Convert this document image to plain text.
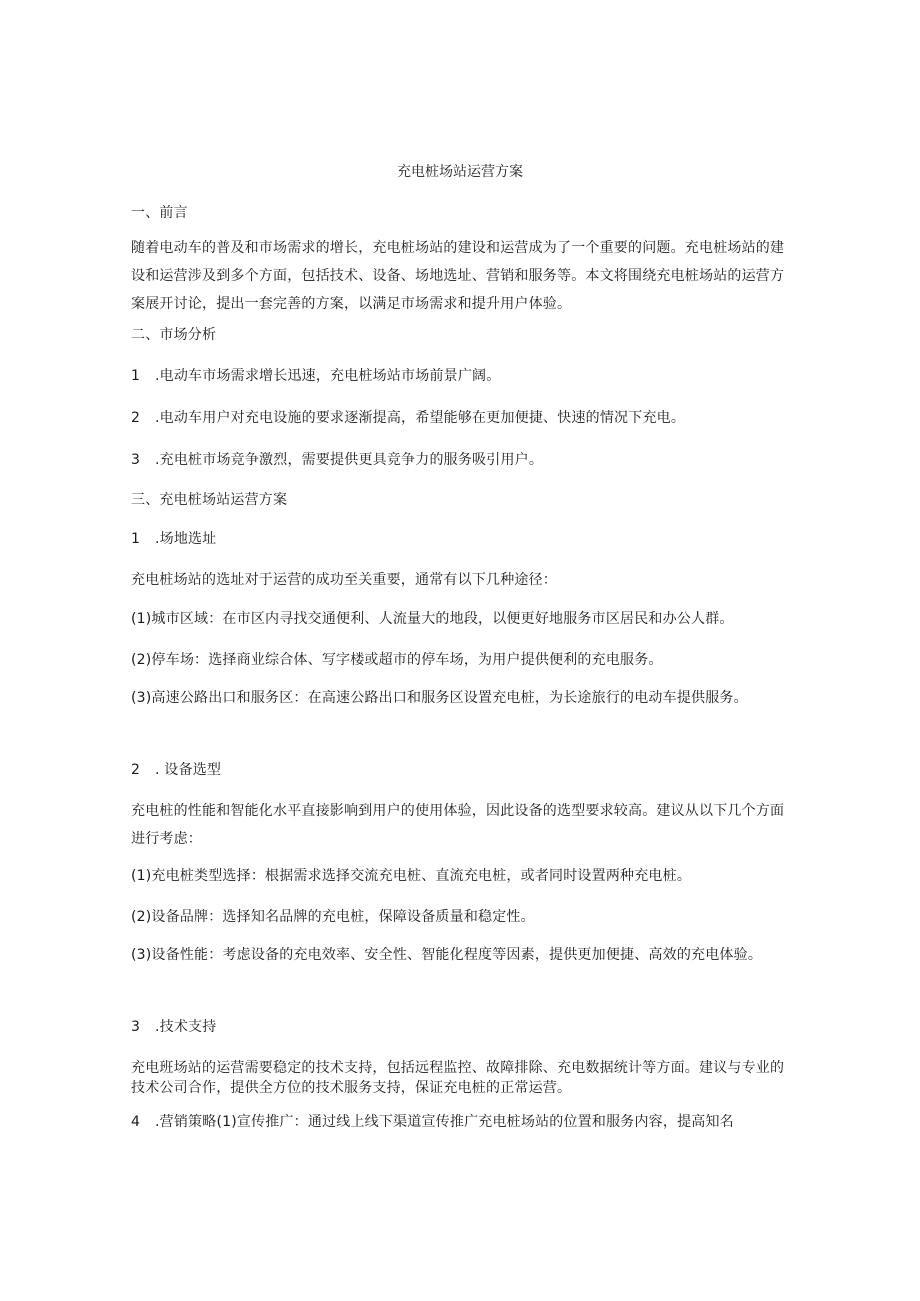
充电桩场站运营方案
一、前言
随着电动车的普及和市场需求的增长，充电桩场站的建设和运营成为了一个重要的问题。充电桩场站的建设和运营涉及到多个方面，包括技术、设备、场地选址、营销和服务等。本文将围绕充电桩场站的运营方案展开讨论，提出一套完善的方案，以满足市场需求和提升用户体验。
二、市场分析
1 .电动车市场需求增长迅速，充电桩场站市场前景广阔。
2 .电动车用户对充电设施的要求逐渐提高，希望能够在更加便捷、快速的情况下充电。
3 .充电桩市场竞争激烈，需要提供更具竞争力的服务吸引用户。
三、充电桩场站运营方案
1 .场地选址
充电桩场站的选址对于运营的成功至关重要，通常有以下几种途径：
(1)城市区域：在市区内寻找交通便利、人流量大的地段，以便更好地服务市区居民和办公人群。
(2)停车场：选择商业综合体、写字楼或超市的停车场，为用户提供便利的充电服务。
(3)高速公路出口和服务区：在高速公路出口和服务区设置充电桩，为长途旅行的电动车提供服务。
2 . 设备选型
充电桩的性能和智能化水平直接影响到用户的使用体验，因此设备的选型要求较高。建议从以下几个方面进行考虑：
(1)充电桩类型选择：根据需求选择交流充电桩、直流充电桩，或者同时设置两种充电桩。
(2)设备品牌：选择知名品牌的充电桩，保障设备质量和稳定性。
(3)设备性能：考虑设备的充电效率、安全性、智能化程度等因素，提供更加便捷、高效的充电体验。
3 .技术支持
充电班场站的运营需要稳定的技术支持，包括远程监控、故障排除、充电数据统计等方面。建议与专业的技术公司合作，提供全方位的技术服务支持，保证充电桩的正常运营。
4 .营销策略(1)宣传推广：通过线上线下渠道宣传推广充电桩场站的位置和服务内容，提高知名
